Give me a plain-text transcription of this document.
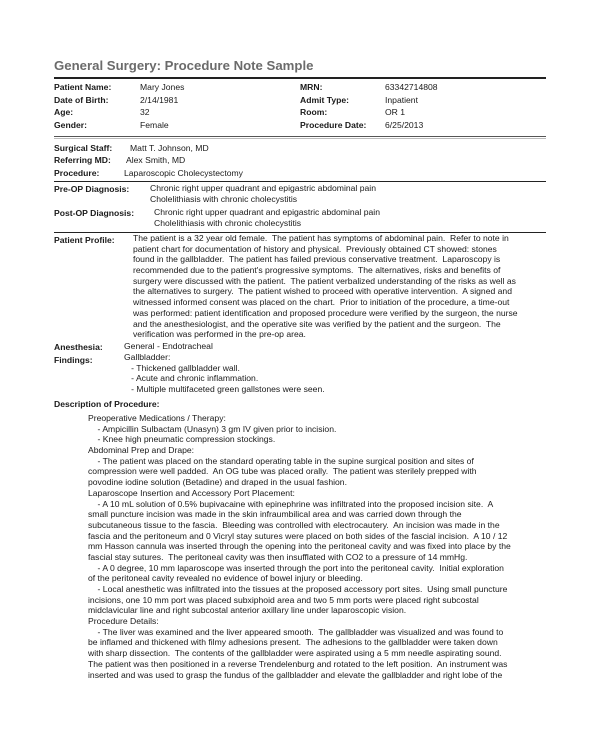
General Surgery: Procedure Note Sample
Patient Name:	Mary Jones
Date of Birth:	2/14/1981
Age:	32
Gender:	Female
MRN:	63342714808
Admit Type:	Inpatient
Room:	OR 1
Procedure Date: 6/25/2013
Surgical Staff: Matt T. Johnson, MD
Referring MD: Alex Smith, MD
Procedure:	Laparoscopic Cholecystectomy
Pre-OP Diagnosis: Chronic right upper quadrant and epigastric abdominal pain
Cholelithiasis with chronic cholecystitis
Post-OP Diagnosis: Chronic right upper quadrant and epigastric abdominal pain
Cholelithiasis with chronic cholecystitis
Patient Profile: The patient is a 32 year old female.  The patient has symptoms of abdominal pain.  Refer to note in
patient chart for documentation of history and physical.  Previously obtained CT showed: stones
found in the gallbladder.  The patient has failed previous conservative treatment.  Laparoscopy is
recommended due to the patient's progressive symptoms.  The alternatives, risks and benefits of
surgery were discussed with the patient.  The patient verbalized understanding of the risks as well as
the alternatives to surgery.  The patient wished to proceed with operative intervention.  A signed and
witnessed informed consent was placed on the chart.  Prior to initiation of the procedure, a time-out
was performed: patient identification and proposed procedure were verified by the surgeon, the nurse
and the anesthesiologist, and the operative site was verified by the patient and the surgeon.  The
verification was performed in the pre-op area.
Anesthesia: General - Endotracheal
Findings:	Gallbladder:
- Thickened gallbladder wall.
- Acute and chronic inflammation.
- Multiple multifaceted green gallstones were seen.
Description of Procedure:
Preoperative Medications / Therapy:
- Ampicillin Sulbactam (Unasyn) 3 gm IV given prior to incision.
- Knee high pneumatic compression stockings.
Abdominal Prep and Drape:
- The patient was placed on the standard operating table in the supine surgical position and sites of
compression were well padded.  An OG tube was placed orally.  The patient was sterilely prepped with
povodine iodine solution (Betadine) and draped in the usual fashion.
Laparoscope Insertion and Accessory Port Placement:
- A 10 mL solution of 0.5% bupivacaine with epinephrine was infiltrated into the proposed incision site.  A
small puncture incision was made in the skin infraumbilical area and was carried down through the
subcutaneous tissue to the fascia.  Bleeding was controlled with electrocautery.  An incision was made in the
fascia and the peritoneum and 0 Vicryl stay sutures were placed on both sides of the fascial incision.  A 10 / 12
mm Hasson cannula was inserted through the opening into the peritoneal cavity and was fixed into place by the
fascial stay sutures.  The peritoneal cavity was then insufflated with CO2 to a pressure of 14 mmHg.
- A 0 degree, 10 mm laparoscope was inserted through the port into the peritoneal cavity.  Initial exploration
of the peritoneal cavity revealed no evidence of bowel injury or bleeding.
- Local anesthetic was infiltrated into the tissues at the proposed accessory port sites.  Using small puncture
incisions, one 10 mm port was placed subxiphoid area and two 5 mm ports were placed right subcostal
midclavicular line and right subcostal anterior axillary line under laparoscopic vision.
Procedure Details:
- The liver was examined and the liver appeared smooth.  The gallbladder was visualized and was found to
be inflamed and thickened with filmy adhesions present.  The adhesions to the gallbladder were taken down
with sharp dissection.  The contents of the gallbladder were aspirated using a 5 mm needle aspirating sound.
The patient was then positioned in a reverse Trendelenburg and rotated to the left position.  An instrument was
inserted and was used to grasp the fundus of the gallbladder and elevate the gallbladder and right lobe of the
